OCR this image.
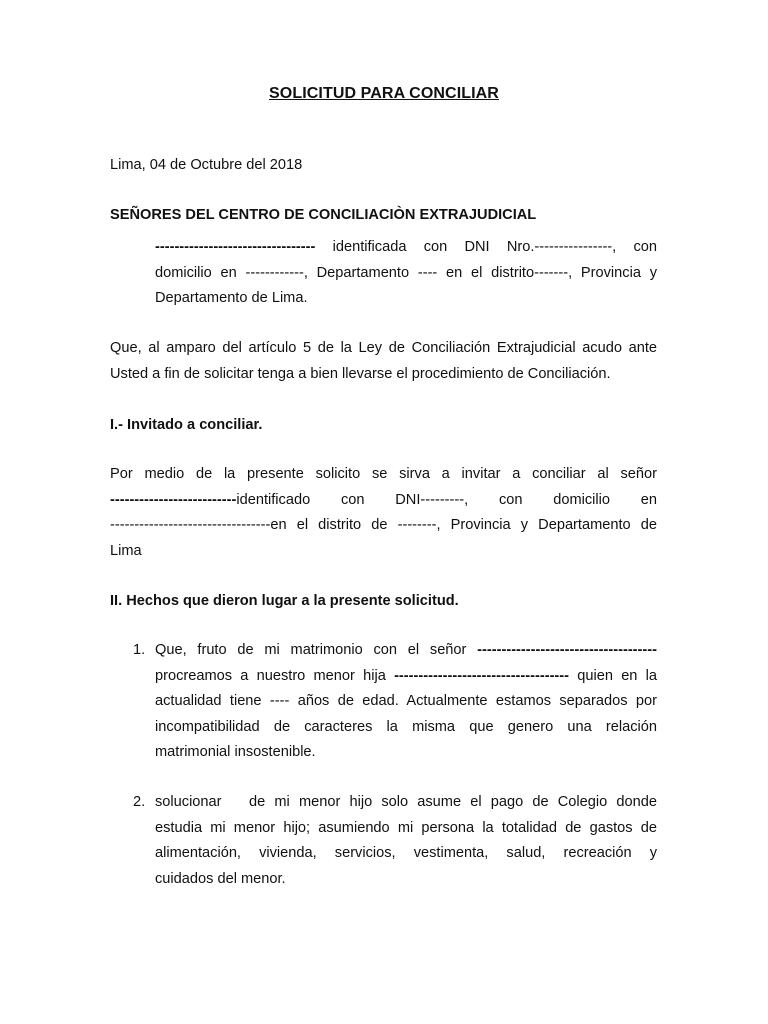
SOLICITUD PARA CONCILIAR
Lima, 04 de Octubre del 2018
SEÑORES DEL CENTRO DE CONCILIACIÒN EXTRAJUDICIAL

--------------------------------- identificada con DNI Nro.----------------, con

domicilio en ------------, Departamento ---- en el distrito-------, Provincia y

Departamento de Lima.

Que, al amparo del artículo 5 de la Ley de Conciliación Extrajudicial acudo ante

Usted a fin de solicitar tenga a bien llevarse el procedimiento de Conciliación.

I.- Invitado a conciliar.

Por medio de la presente solicito se sirva a invitar a conciliar al señor

--------------------------identificado con DNI---------, con domicilio en

---------------------------------en el distrito de --------, Provincia y Departamento de

Lima

II. Hechos que dieron lugar a la presente solicitud.
1. Que, fruto de mi matrimonio con el señor -------------------------------------

procreamos a nuestro menor hija ------------------------------------ quien en la

actualidad tiene ---- años de edad. Actualmente estamos separados por

incompatibilidad de caracteres la misma que genero una relación

matrimonial insostenible.

2. solucionar   de mi menor hijo solo asume el pago de Colegio donde

estudia mi menor hijo; asumiendo mi persona la totalidad de gastos de

alimentación, vivienda, servicios, vestimenta, salud, recreación y

cuidados del menor.
